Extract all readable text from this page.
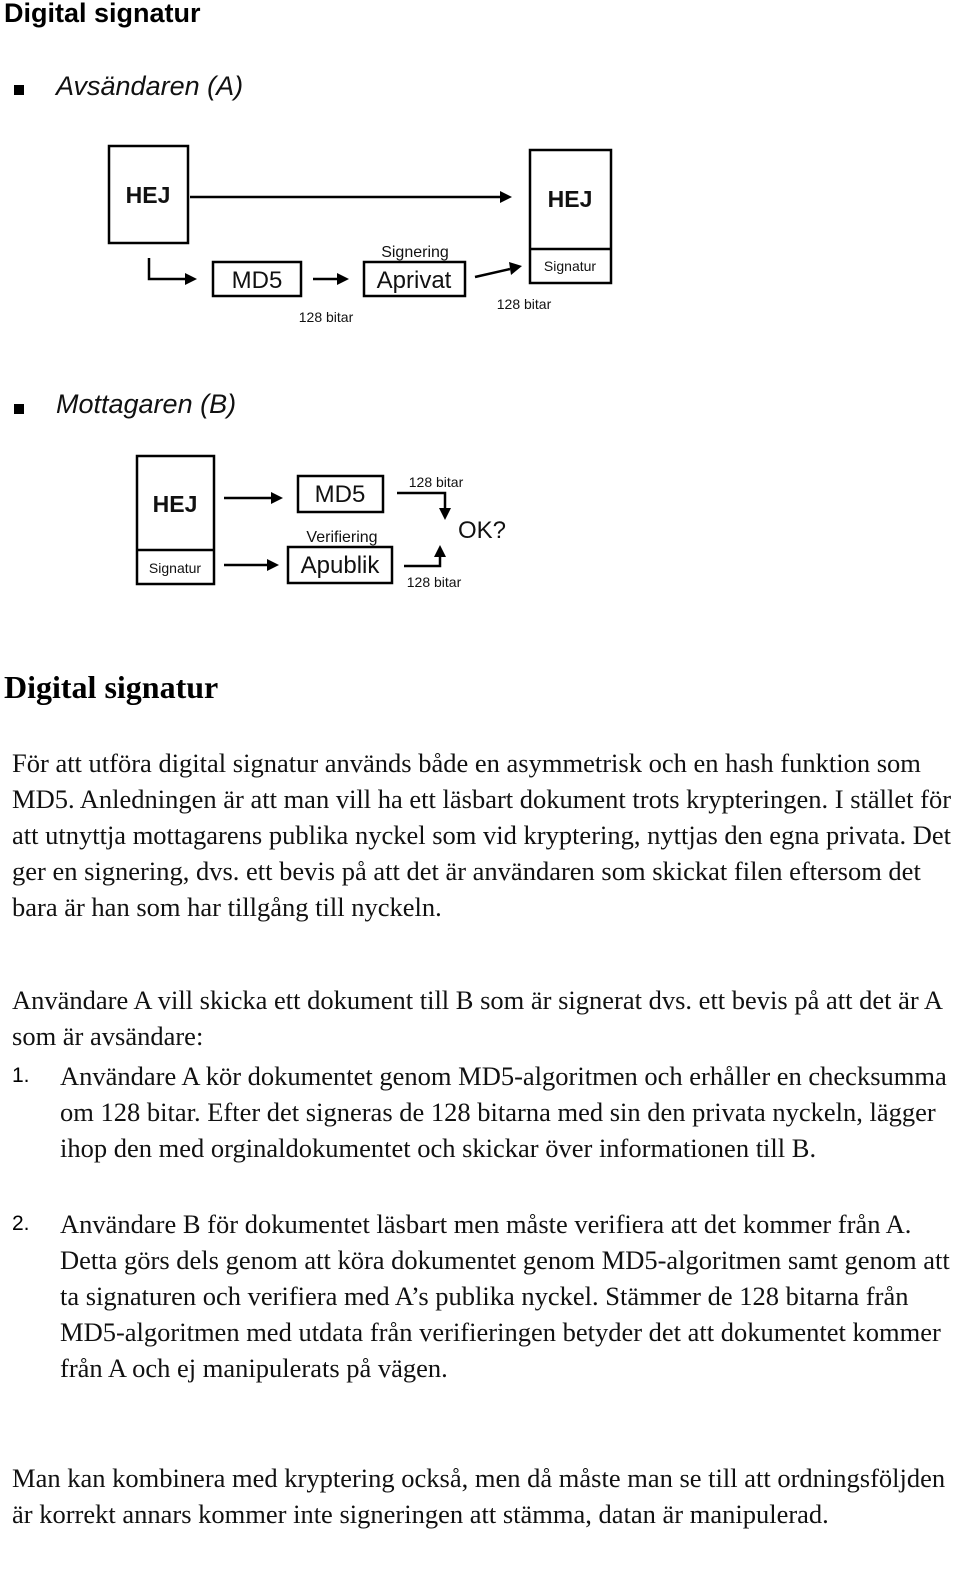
Digital signatur

Avsändaren (A)

HEJ	HEJ
Signatur
MD5
128 bitar
Signering
Aprivat
128 bitar

Mottagaren (B)

HEJ
Signatur
MD5
Verifiering
Apublik
128 bitar
OK?
128 bitar
Digital signatur

För att utföra digital signatur används både en asymmetrisk och en hash funktion som MD5. Anledningen är att man vill ha ett läsbart dokument trots krypteringen. I stället för att utnyttja mottagarens publika nyckel som vid kryptering, nyttjas den egna privata. Det ger en signering, dvs. ett bevis på att det är användaren som skickat filen eftersom det bara är han som har tillgång till nyckeln.

Användare A vill skicka ett dokument till B som är signerat dvs. ett bevis på att det är A som är avsändare:

1. Användare A kör dokumentet genom MD5-algoritmen och erhåller en checksumma om 128 bitar. Efter det signeras de 128 bitarna med sin den privata nyckeln, lägger ihop den med orginaldokumentet och skickar över informationen till B.

2. Användare B för dokumentet läsbart men måste verifiera att det kommer från A. Detta görs dels genom att köra dokumentet genom MD5-algoritmen samt genom att ta signaturen och verifiera med A’s publika nyckel. Stämmer de 128 bitarna från MD5-algoritmen med utdata från verifieringen betyder det att dokumentet kommer från A och ej manipulerats på vägen.

Man kan kombinera med kryptering också, men då måste man se till att ordningsföljden är korrekt annars kommer inte signeringen att stämma, datan är manipulerad.
